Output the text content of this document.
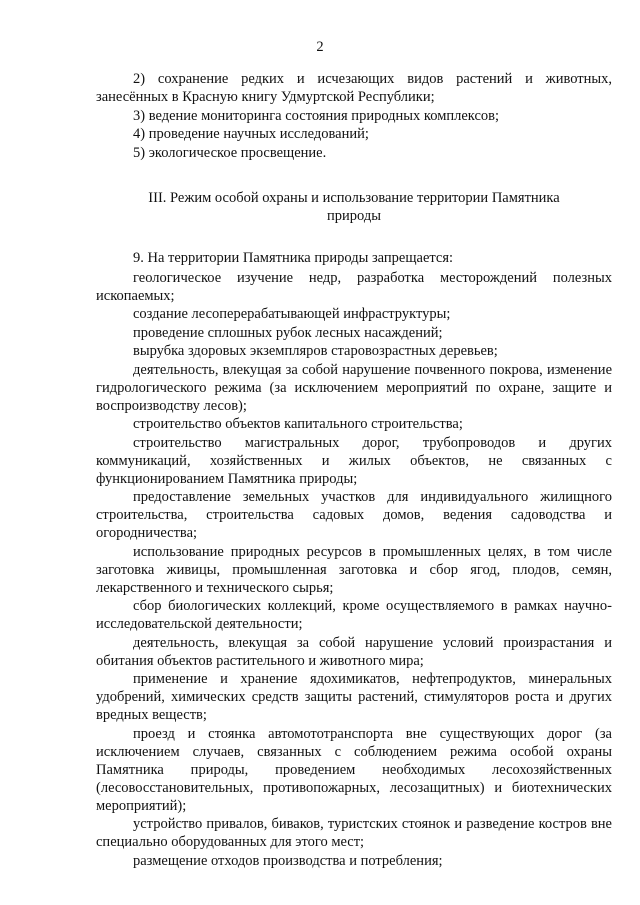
2

2) сохранение редких и исчезающих видов растений и животных, занесённых в Красную книгу Удмуртской Республики;

3) ведение мониторинга состояния природных комплексов;

4) проведение научных исследований;

5) экологическое просвещение.

III. Режим особой охраны и использование территории Памятника природы

9. На территории Памятника природы запрещается:

геологическое изучение недр, разработка месторождений полезных ископаемых;

создание лесоперерабатывающей инфраструктуры;

проведение сплошных рубок лесных насаждений;

вырубка здоровых экземпляров старовозрастных деревьев;

деятельность, влекущая за собой нарушение почвенного покрова, изменение гидрологического режима (за исключением мероприятий по охране, защите и воспроизводству лесов);

строительство объектов капитального строительства;

строительство магистральных дорог, трубопроводов и других коммуникаций, хозяйственных и жилых объектов, не связанных с функционированием Памятника природы;

предоставление земельных участков для индивидуального жилищного строительства, строительства садовых домов, ведения садоводства и огородничества;

использование природных ресурсов в промышленных целях, в том числе заготовка живицы, промышленная заготовка и сбор ягод, плодов, семян, лекарственного и технического сырья;

сбор биологических коллекций, кроме осуществляемого в рамках научно-исследовательской деятельности;

деятельность, влекущая за собой нарушение условий произрастания и обитания объектов растительного и животного мира;

применение и хранение ядохимикатов, нефтепродуктов, минеральных удобрений, химических средств защиты растений, стимуляторов роста и других вредных веществ;

проезд и стоянка автомототранспорта вне существующих дорог (за исключением случаев, связанных с соблюдением режима особой охраны Памятника природы, проведением необходимых лесохозяйственных (лесовосстановительных, противопожарных, лесозащитных) и биотехнических мероприятий);

устройство привалов, биваков, туристских стоянок и разведение костров вне специально оборудованных для этого мест;

размещение отходов производства и потребления;
